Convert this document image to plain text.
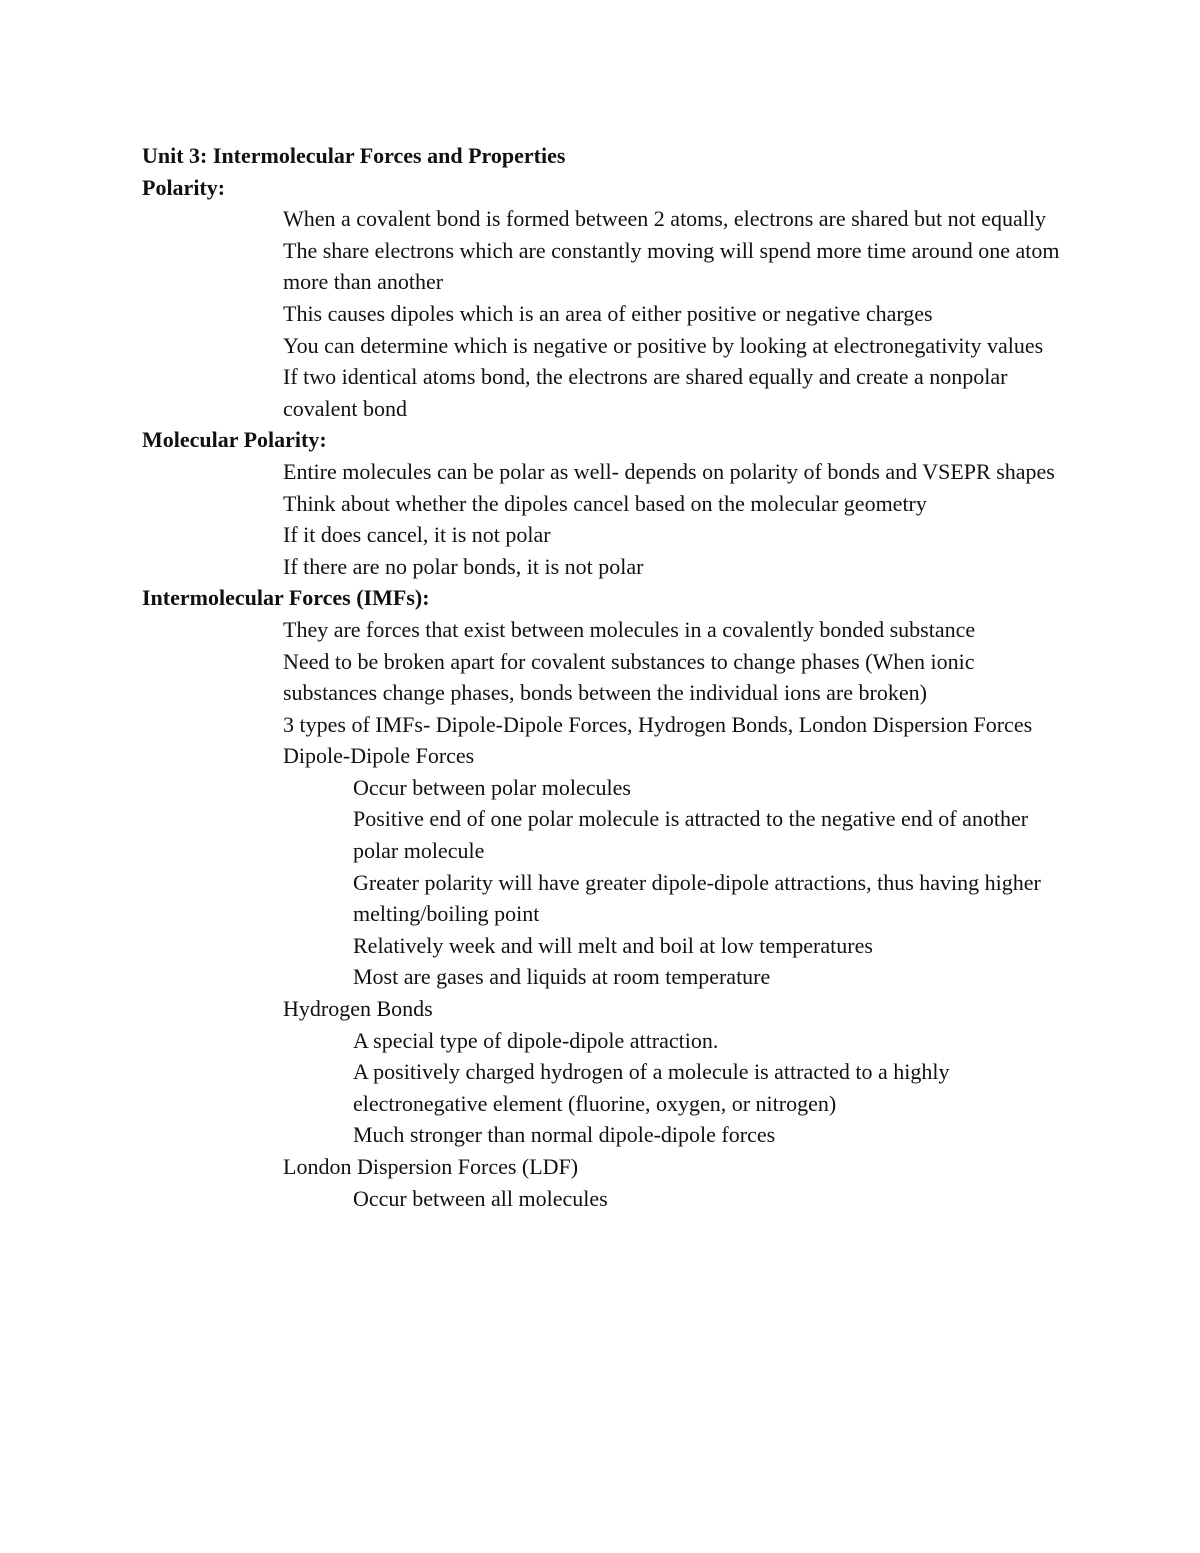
Unit 3: Intermolecular Forces and Properties
Polarity:
When a covalent bond is formed between 2 atoms, electrons are shared but not equally
The share electrons which are constantly moving will spend more time around one atom more than another
This causes dipoles which is an area of either positive or negative charges
You can determine which is negative or positive by looking at electronegativity values
If two identical atoms bond, the electrons are shared equally and create a nonpolar covalent bond
Molecular Polarity:
Entire molecules can be polar as well- depends on polarity of bonds and VSEPR shapes
Think about whether the dipoles cancel based on the molecular geometry
If it does cancel, it is not polar
If there are no polar bonds, it is not polar
Intermolecular Forces (IMFs):
They are forces that exist between molecules in a covalently bonded substance
Need to be broken apart for covalent substances to change phases (When ionic substances change phases, bonds between the individual ions are broken)
3 types of IMFs- Dipole-Dipole Forces, Hydrogen Bonds, London Dispersion Forces
Dipole-Dipole Forces
Occur between polar molecules
Positive end of one polar molecule is attracted to the negative end of another polar molecule
Greater polarity will have greater dipole-dipole attractions, thus having higher melting/boiling point
Relatively week and will melt and boil at low temperatures
Most are gases and liquids at room temperature
Hydrogen Bonds
A special type of dipole-dipole attraction.
A positively charged hydrogen of a molecule is attracted to a highly electronegative element (fluorine, oxygen, or nitrogen)
Much stronger than normal dipole-dipole forces
London Dispersion Forces (LDF)
Occur between all molecules
